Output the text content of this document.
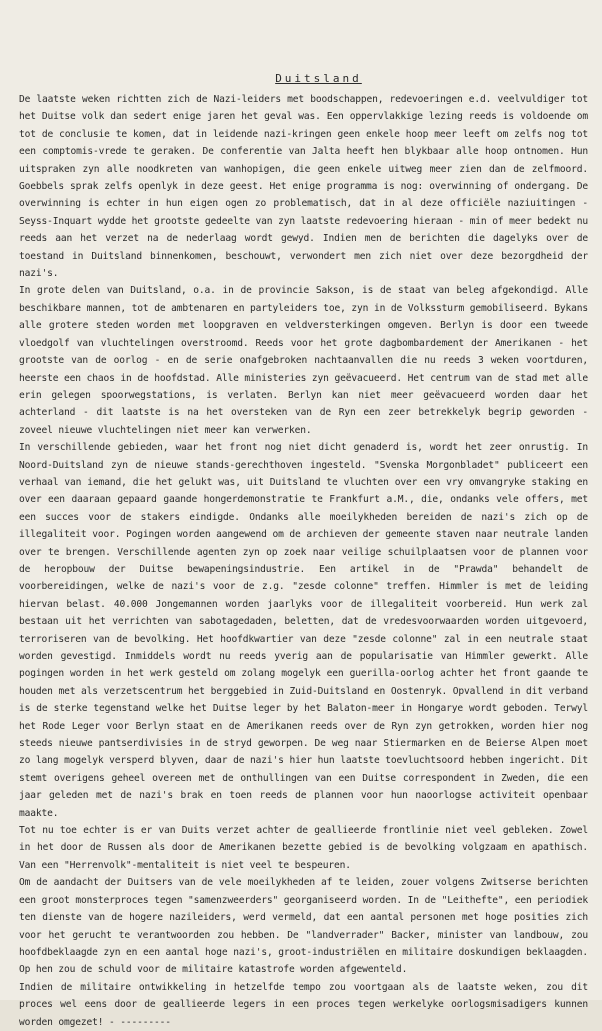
Duitsland

De laatste weken richtten zich de Nazi-leiders met boodschappen, redevoeringen e.d. veelvuldiger tot het Duitse volk dan sedert enige jaren het geval was. Een oppervlakkige lezing reeds is voldoende om tot de conclusie te komen, dat in leidende nazi-kringen geen enkele hoop meer leeft om zelfs nog tot een comptomis-vrede te geraken. De conferentie van Jalta heeft hen blykbaar alle hoop ontnomen. Hun uitspraken zyn alle noodkreten van wanhopigen, die geen enkele uitweg meer zien dan de zelfmoord. Goebbels sprak zelfs openlyk in deze geest. Het enige programma is nog: overwinning of ondergang. De overwinning is echter in hun eigen ogen zo problematisch, dat in al deze officiële naziuitingen - Seyss-Inquart wydde het grootste gedeelte van zyn laatste redevoering hieraan - min of meer bedekt nu reeds aan het verzet na de nederlaag wordt gewyd. Indien men de berichten die dagelyks over de toestand in Duitsland binnenkomen, beschouwt, verwondert men zich niet over deze bezorgdheid der nazi's.

In grote delen van Duitsland, o.a. in de provincie Sakson, is de staat van beleg afgekondigd. Alle beschikbare mannen, tot de ambtenaren en partyleiders toe, zyn in de Volkssturm gemobiliseerd. Bykans alle grotere steden worden met loopgraven en veldversterkingen omgeven. Berlyn is door een tweede vloedgolf van vluchtelingen overstroomd. Reeds voor het grote dagbombardement der Amerikanen - het grootste van de oorlog - en de serie onafgebroken nachtaanvallen die nu reeds 3 weken voortduren, heerste een chaos in de hoofdstad. Alle ministeries zyn geëvacueerd. Het centrum van de stad met alle erin gelegen spoorwegstations, is verlaten. Berlyn kan niet meer geëvacueerd worden daar het achterland - dit laatste is na het oversteken van de Ryn een zeer betrekkelyk begrip geworden - zoveel nieuwe vluchtelingen niet meer kan verwerken.

In verschillende gebieden, waar het front nog niet dicht genaderd is, wordt het zeer onrustig. In Noord-Duitsland zyn de nieuwe stands-gerechthoven ingesteld. "Svenska Morgonbladet" publiceert een verhaal van iemand, die het gelukt was, uit Duitsland te vluchten over een vry omvangryke staking en over een daaraan gepaard gaande hongerdemonstratie te Frankfurt a.M., die, ondanks vele offers, met een succes voor de stakers eindigde. Ondanks alle moeilykheden bereiden de nazi's zich op de illegaliteit voor. Pogingen worden aangewend om de archieven der gemeente staven naar neutrale landen over te brengen. Verschillende agenten zyn op zoek naar veilige schuilplaatsen voor de plannen voor de heropbouw der Duitse bewapeningsindustrie. Een artikel in de "Prawda" behandelt de voorbereidingen, welke de nazi's voor de z.g. "zesde colonne" treffen. Himmler is met de leiding hiervan belast. 40.000 Jongemannen worden jaarlyks voor de illegaliteit voorbereid. Hun werk zal bestaan uit het verrichten van sabotagedaden, beletten, dat de vredesvoorwaarden worden uitgevoerd, terroriseren van de bevolking. Het hoofdkwartier van deze "zesde colonne" zal in een neutrale staat worden gevestigd. Inmiddels wordt nu reeds yverig aan de popularisatie van Himmler gewerkt. Alle pogingen worden in het werk gesteld om zolang mogelyk een guerilla-oorlog achter het front gaande te houden met als verzetscentrum het berggebied in Zuid-Duitsland en Oostenryk. Opvallend in dit verband is de sterke tegenstand welke het Duitse leger by het Balaton-meer in Hongarye wordt geboden. Terwyl het Rode Leger voor Berlyn staat en de Amerikanen reeds over de Ryn zyn getrokken, worden hier nog steeds nieuwe pantserdivisies in de stryd geworpen. De weg naar Stiermarken en de Beierse Alpen moet zo lang mogelyk versperd blyven, daar de nazi's hier hun laatste toevluchtsoord hebben ingericht. Dit stemt overigens geheel overeen met de onthullingen van een Duitse correspondent in Zweden, die een jaar geleden met de nazi's brak en toen reeds de plannen voor hun naoorlogse activiteit openbaar maakte.

Tot nu toe echter is er van Duits verzet achter de geallieerde frontlinie niet veel gebleken. Zowel in het door de Russen als door de Amerikanen bezette gebied is de bevolking volgzaam en apathisch. Van een "Herrenvolk"-mentaliteit is niet veel te bespeuren.

Om de aandacht der Duitsers van de vele moeilykheden af te leiden, zouer volgens Zwitserse berichten een groot monsterproces tegen "samenzweerders" georganiseerd worden. In de "Leithefte", een periodiek ten dienste van de hogere nazileiders, werd vermeld, dat een aantal personen met hoge posities zich voor het gerucht te verantwoorden zou hebben. De "landverrader" Backer, minister van landbouw, zou hoofdbeklaagde zyn en een aantal hoge nazi's, groot-industriëlen en militaire doskundigen beklaagden. Op hen zou de schuld voor de militaire katastrofe worden afgewenteld.

Indien de militaire ontwikkeling in hetzelfde tempo zou voortgaan als de laatste weken, zou dit proces wel eens door de geallieerde legers in een proces tegen werkelyke oorlogsmisadigers kunnen worden omgezet! - ---------
